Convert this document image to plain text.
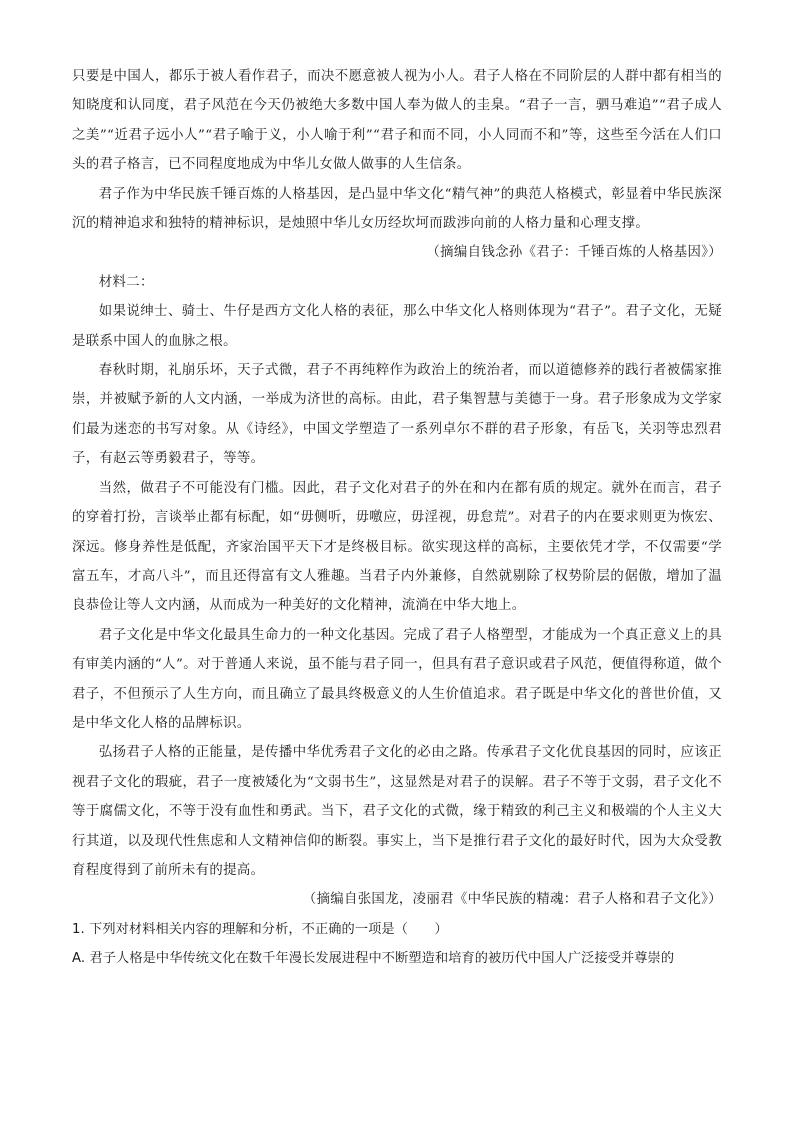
只要是中国人，都乐于被人看作君子，而决不愿意被人视为小人。君子人格在不同阶层的人群中都有相当的知晓度和认同度，君子风范在今天仍被绝大多数中国人奉为做人的圭臬。“君子一言，驷马难追”“君子成人之美”“近君子远小人”“君子喻于义，小人喻于利”“君子和而不同，小人同而不和”等，这些至今活在人们口头的君子格言，已不同程度地成为中华儿女做人做事的人生信条。

君子作为中华民族千锤百炼的人格基因，是凸显中华文化“精气神”的典范人格模式，彰显着中华民族深沉的精神追求和独特的精神标识，是烛照中华儿女历经坎坷而跋涉向前的人格力量和心理支撑。

（摘编自钱念孙《君子：千锤百炼的人格基因》）

材料二：

如果说绅士、骑士、牛仔是西方文化人格的表征，那么中华文化人格则体现为“君子”。君子文化，无疑是联系中国人的血脉之根。

春秋时期，礼崩乐坏，天子式微，君子不再纯粹作为政治上的统治者，而以道德修养的践行者被儒家推崇，并被赋予新的人文内涵，一举成为济世的高标。由此，君子集智慧与美德于一身。君子形象成为文学家们最为迷恋的书写对象。从《诗经》，中国文学塑造了一系列卓尔不群的君子形象，有岳飞，关羽等忠烈君子，有赵云等勇毅君子，等等。

当然，做君子不可能没有门槛。因此，君子文化对君子的外在和内在都有质的规定。就外在而言，君子的穿着打扮，言谈举止都有标配，如“毋侧听，毋噭应，毋淫视，毋怠荒”。对君子的内在要求则更为恢宏、深远。修身养性是低配，齐家治国平天下才是终极目标。欲实现这样的高标，主要依凭才学，不仅需要“学富五车，才高八斗”，而且还得富有文人雅趣。当君子内外兼修，自然就剔除了权势阶层的倨傲，增加了温良恭俭让等人文内涵，从而成为一种美好的文化精神，流淌在中华大地上。

君子文化是中华文化最具生命力的一种文化基因。完成了君子人格塑型，才能成为一个真正意义上的具有审美内涵的“人”。对于普通人来说，虽不能与君子同一，但具有君子意识或君子风范，便值得称道，做个君子，不但预示了人生方向，而且确立了最具终极意义的人生价值追求。君子既是中华文化的普世价值，又是中华文化人格的品牌标识。

弘扬君子人格的正能量，是传播中华优秀君子文化的必由之路。传承君子文化优良基因的同时，应该正视君子文化的瑕疵，君子一度被矮化为“文弱书生”，这显然是对君子的误解。君子不等于文弱，君子文化不等于腐儒文化，不等于没有血性和勇武。当下，君子文化的式微，缘于精致的利己主义和极端的个人主义大行其道，以及现代性焦虑和人文精神信仰的断裂。事实上，当下是推行君子文化的最好时代，因为大众受教育程度得到了前所未有的提高。

（摘编自张国龙，凌丽君《中华民族的精魂：君子人格和君子文化》）

1. 下列对材料相关内容的理解和分析，不正确的一项是（　　）

A. 君子人格是中华传统文化在数千年漫长发展进程中不断塑造和培育的被历代中国人广泛接受并尊崇的
